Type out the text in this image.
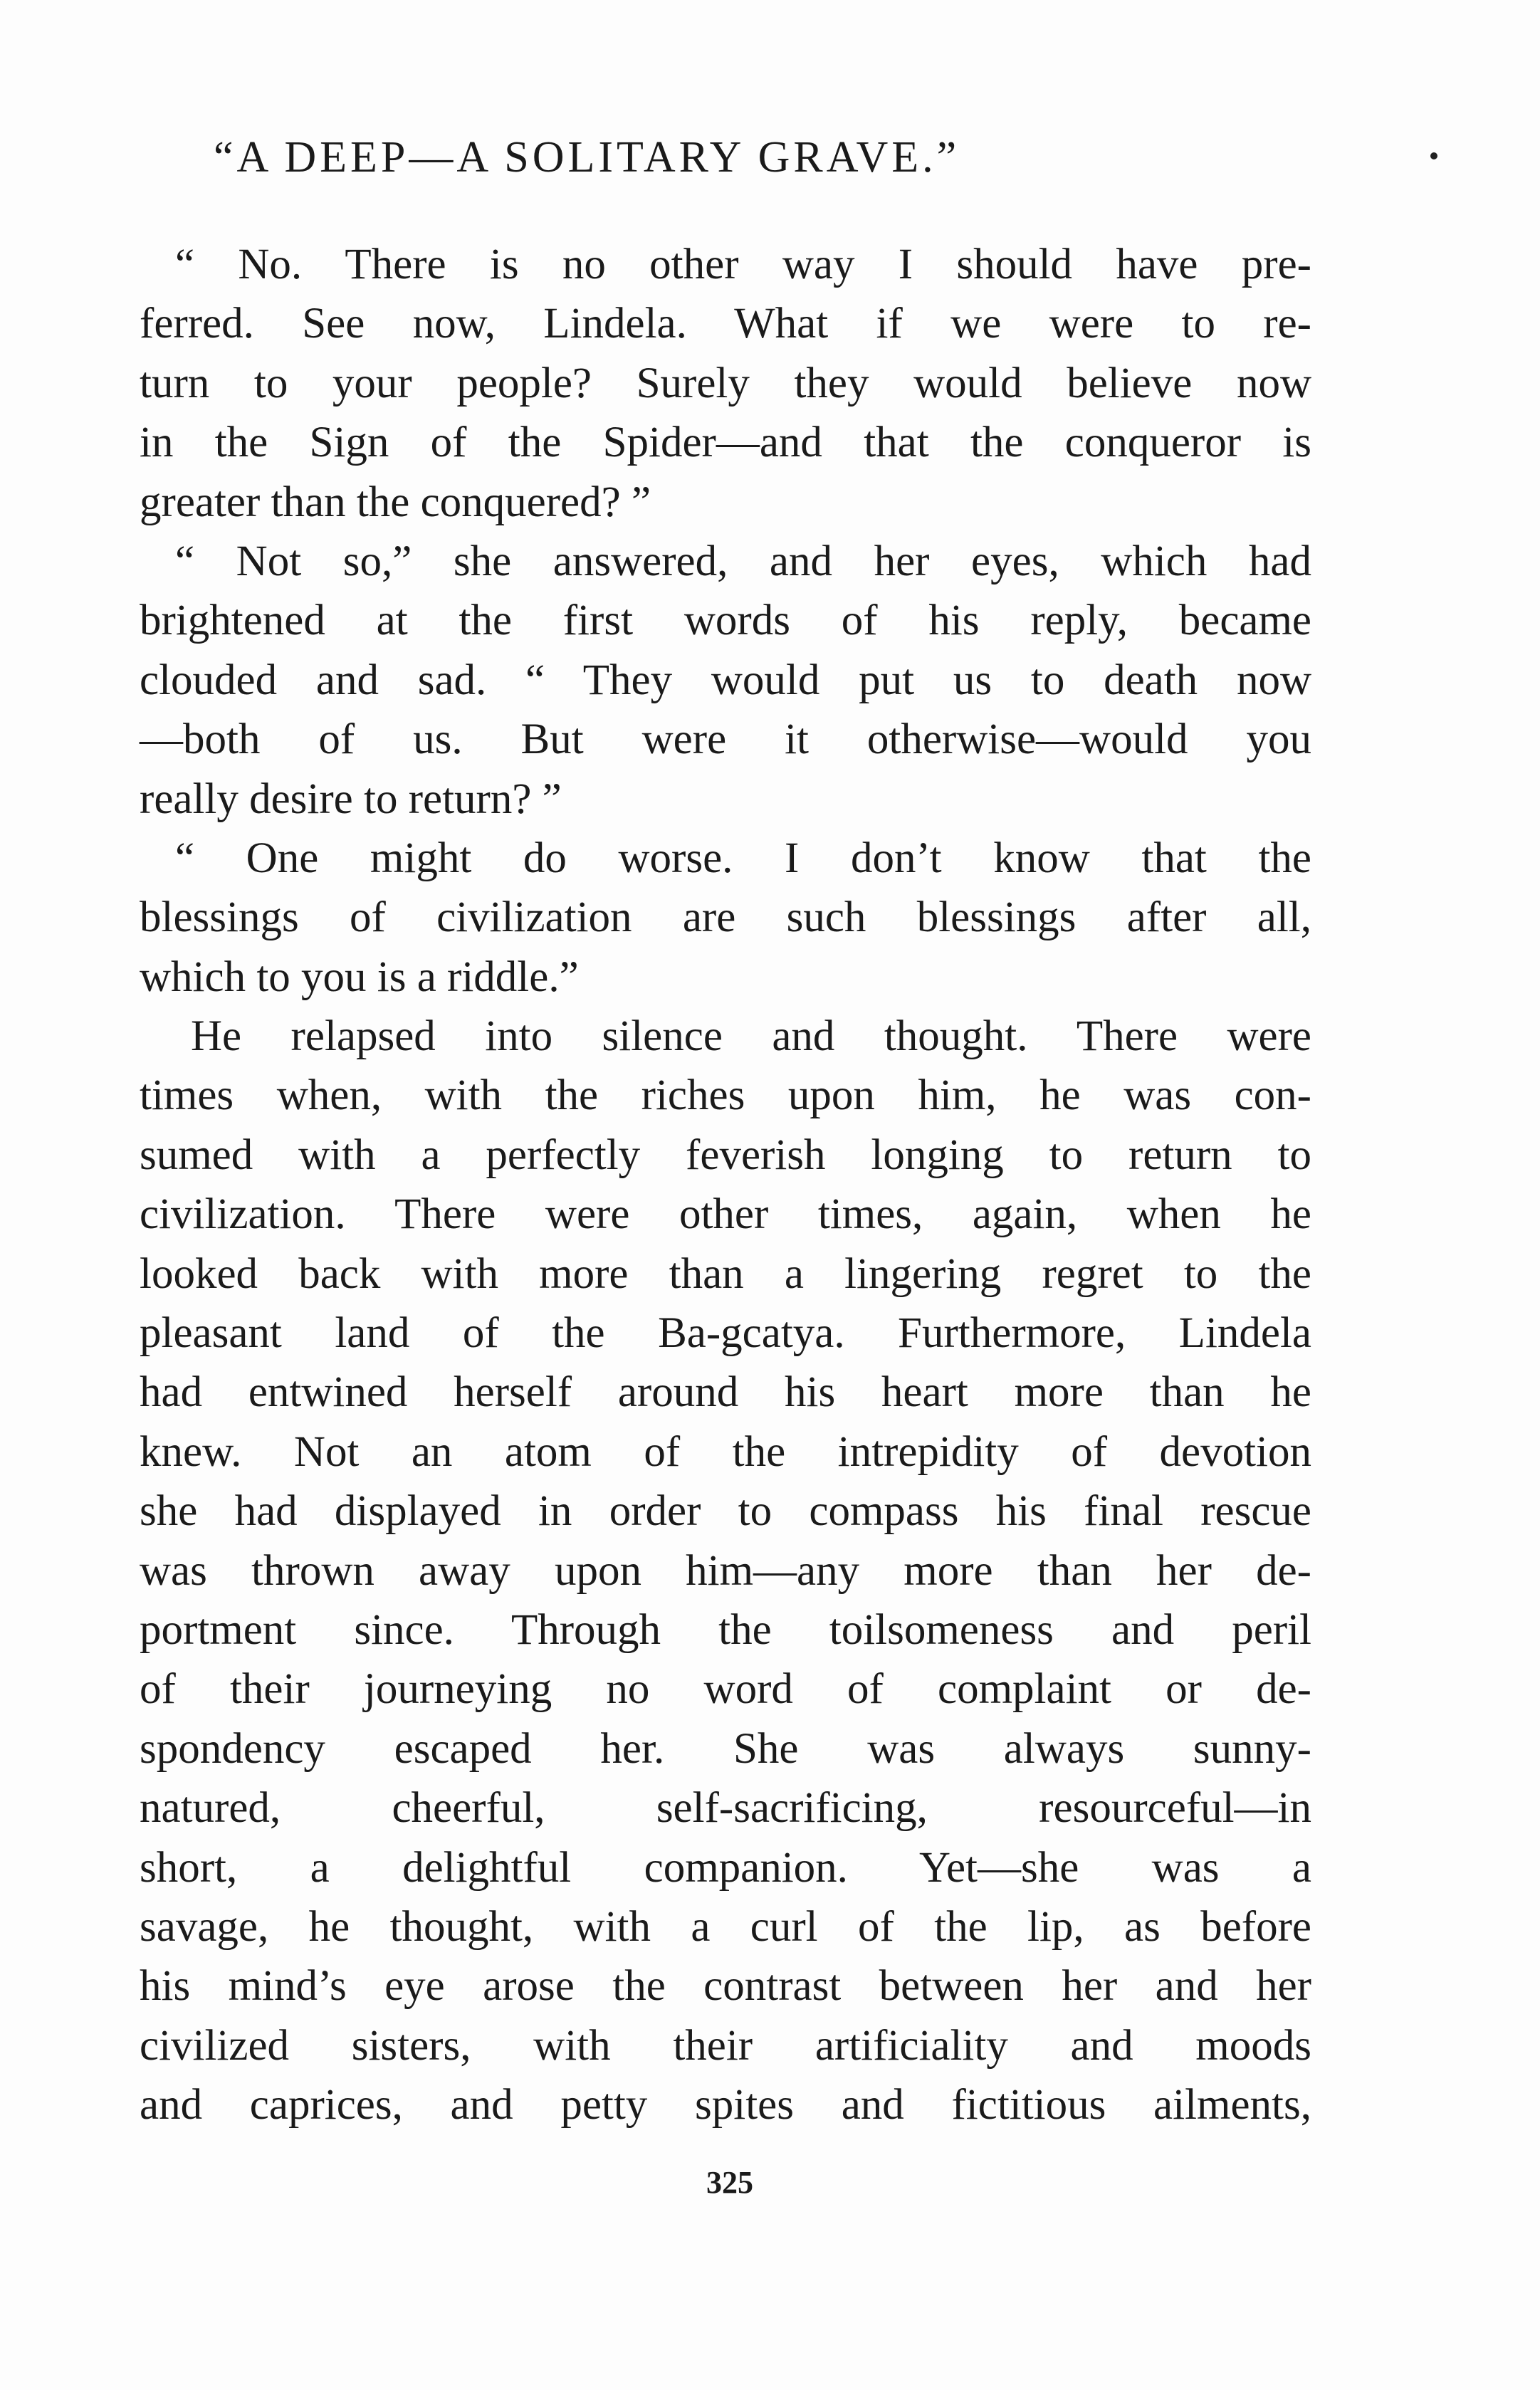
“A DEEP—A SOLITARY GRAVE.”
“ No. There is no other way I should have pre-
ferred. See now, Lindela. What if we were to re-
turn to your people? Surely they would believe now
in the Sign of the Spider—and that the conqueror is
greater than the conquered? ”
“ Not so,” she answered, and her eyes, which had
brightened at the first words of his reply, became
clouded and sad. “ They would put us to death now
—both of us. But were it otherwise—would you
really desire to return? ”
“ One might do worse. I don’t know that the
blessings of civilization are such blessings after all,
which to you is a riddle.”
He relapsed into silence and thought. There were
times when, with the riches upon him, he was con-
sumed with a perfectly feverish longing to return to
civilization. There were other times, again, when he
looked back with more than a lingering regret to the
pleasant land of the Ba-gcatya. Furthermore, Lindela
had entwined herself around his heart more than he
knew. Not an atom of the intrepidity of devotion
she had displayed in order to compass his final rescue
was thrown away upon him—any more than her de-
portment since. Through the toilsomeness and peril
of their journeying no word of complaint or de-
spondency escaped her. She was always sunny-
natured, cheerful, self-sacrificing, resourceful—in
short, a delightful companion. Yet—she was a
savage, he thought, with a curl of the lip, as before
his mind’s eye arose the contrast between her and her
civilized sisters, with their artificiality and moods
and caprices, and petty spites and fictitious ailments,
325
